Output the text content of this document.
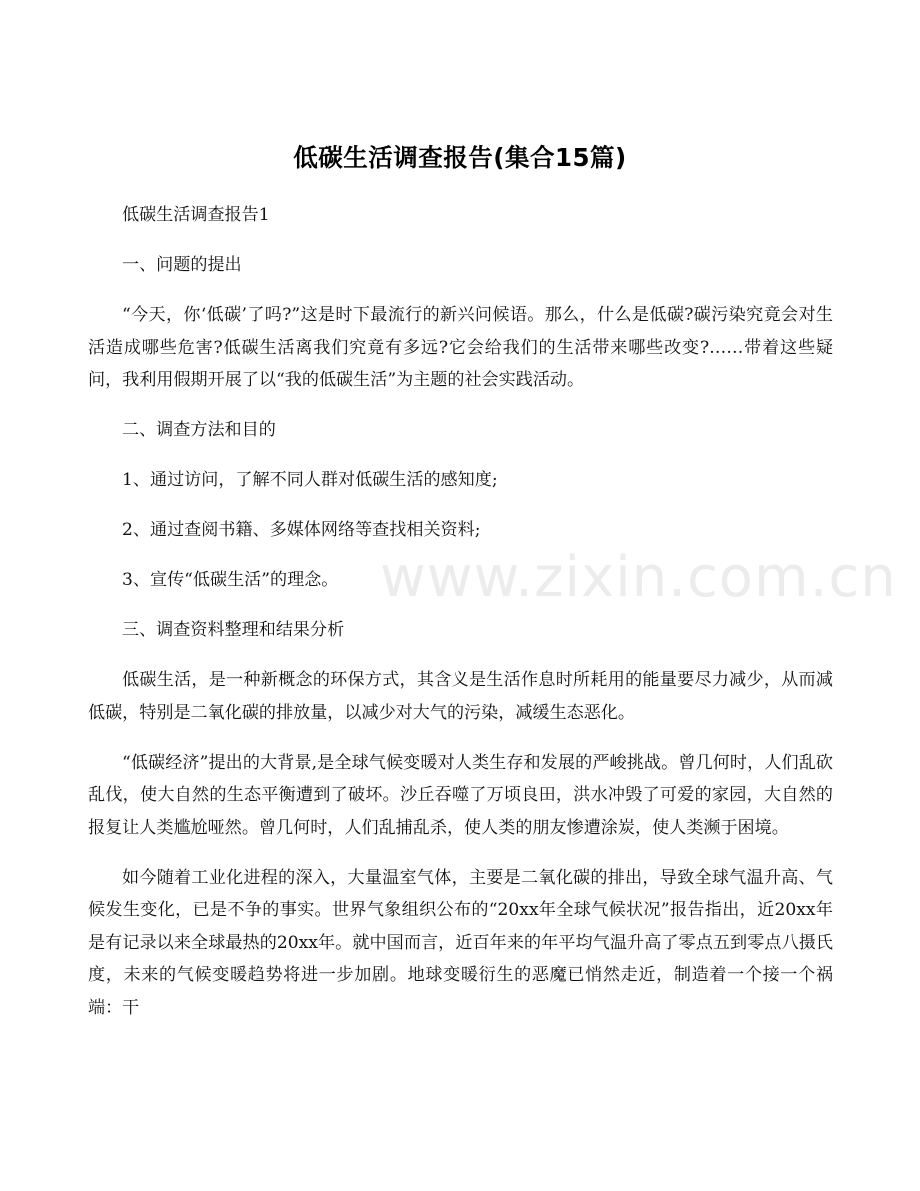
www.zixin.com.cn
低碳生活调查报告(集合15篇)

低碳生活调查报告1

一、问题的提出

“今天，你‘低碳’了吗?”这是时下最流行的新兴问候语。那么，什么是低碳?碳污染究竟会对生活造成哪些危害?低碳生活离我们究竟有多远?它会给我们的生活带来哪些改变?……带着这些疑问，我利用假期开展了以“我的低碳生活”为主题的社会实践活动。

二、调查方法和目的

1、通过访问，了解不同人群对低碳生活的感知度;

2、通过查阅书籍、多媒体网络等查找相关资料;

3、宣传“低碳生活”的理念。

三、调查资料整理和结果分析

低碳生活，是一种新概念的环保方式，其含义是生活作息时所耗用的能量要尽力减少，从而减低碳，特别是二氧化碳的排放量，以减少对大气的污染，减缓生态恶化。

“低碳经济”提出的大背景,是全球气候变暖对人类生存和发展的严峻挑战。曾几何时，人们乱砍乱伐，使大自然的生态平衡遭到了破坏。沙丘吞噬了万顷良田，洪水冲毁了可爱的家园，大自然的报复让人类尴尬哑然。曾几何时，人们乱捕乱杀，使人类的朋友惨遭涂炭，使人类濒于困境。

如今随着工业化进程的深入，大量温室气体，主要是二氧化碳的排出，导致全球气温升高、气候发生变化，已是不争的事实。世界气象组织公布的“20xx年全球气候状况”报告指出，近20xx年是有记录以来全球最热的20xx年。就中国而言，近百年来的年平均气温升高了零点五到零点八摄氏度，未来的气候变暖趋势将进一步加剧。地球变暖衍生的恶魔已悄然走近，制造着一个接一个祸端：干
